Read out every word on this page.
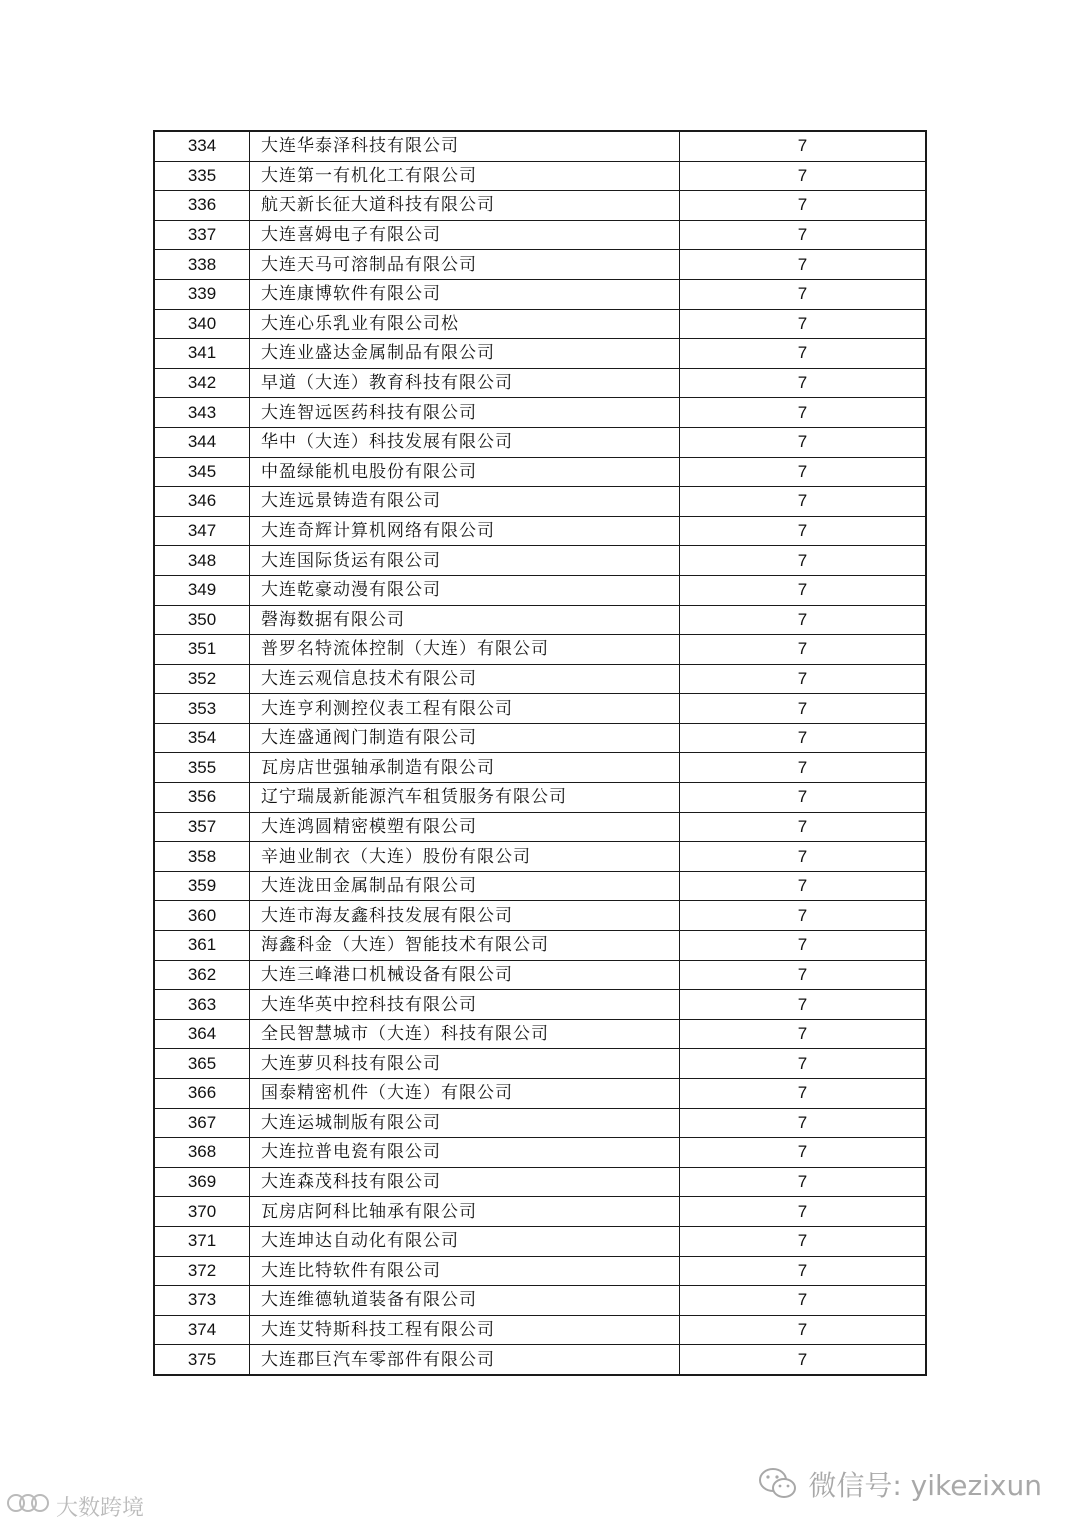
334	大连华泰泽科技有限公司	7
335	大连第一有机化工有限公司	7
336	航天新长征大道科技有限公司	7
337	大连喜姆电子有限公司	7
338	大连天马可溶制品有限公司	7
339	大连康博软件有限公司	7
340	大连心乐乳业有限公司松	7
341	大连业盛达金属制品有限公司	7
342	早道（大连）教育科技有限公司	7
343	大连智远医药科技有限公司	7
344	华中（大连）科技发展有限公司	7
345	中盈绿能机电股份有限公司	7
346	大连远景铸造有限公司	7
347	大连奇辉计算机网络有限公司	7
348	大连国际货运有限公司	7
349	大连乾豪动漫有限公司	7
350	磬海数据有限公司	7
351	普罗名特流体控制（大连）有限公司	7
352	大连云观信息技术有限公司	7
353	大连亨利测控仪表工程有限公司	7
354	大连盛通阀门制造有限公司	7
355	瓦房店世强轴承制造有限公司	7
356	辽宁瑞晟新能源汽车租赁服务有限公司	7
357	大连鸿圆精密模塑有限公司	7
358	辛迪业制衣（大连）股份有限公司	7
359	大连泷田金属制品有限公司	7
360	大连市海友鑫科技发展有限公司	7
361	海鑫科金（大连）智能技术有限公司	7
362	大连三峰港口机械设备有限公司	7
363	大连华英中控科技有限公司	7
364	全民智慧城市（大连）科技有限公司	7
365	大连萝贝科技有限公司	7
366	国泰精密机件（大连）有限公司	7
367	大连运城制版有限公司	7
368	大连拉普电瓷有限公司	7
369	大连森茂科技有限公司	7
370	瓦房店阿科比轴承有限公司	7
371	大连坤达自动化有限公司	7
372	大连比特软件有限公司	7
373	大连维德轨道装备有限公司	7
374	大连艾特斯科技工程有限公司	7
375	大连郡巨汽车零部件有限公司	7
微信号: yikezixun
大数跨境
